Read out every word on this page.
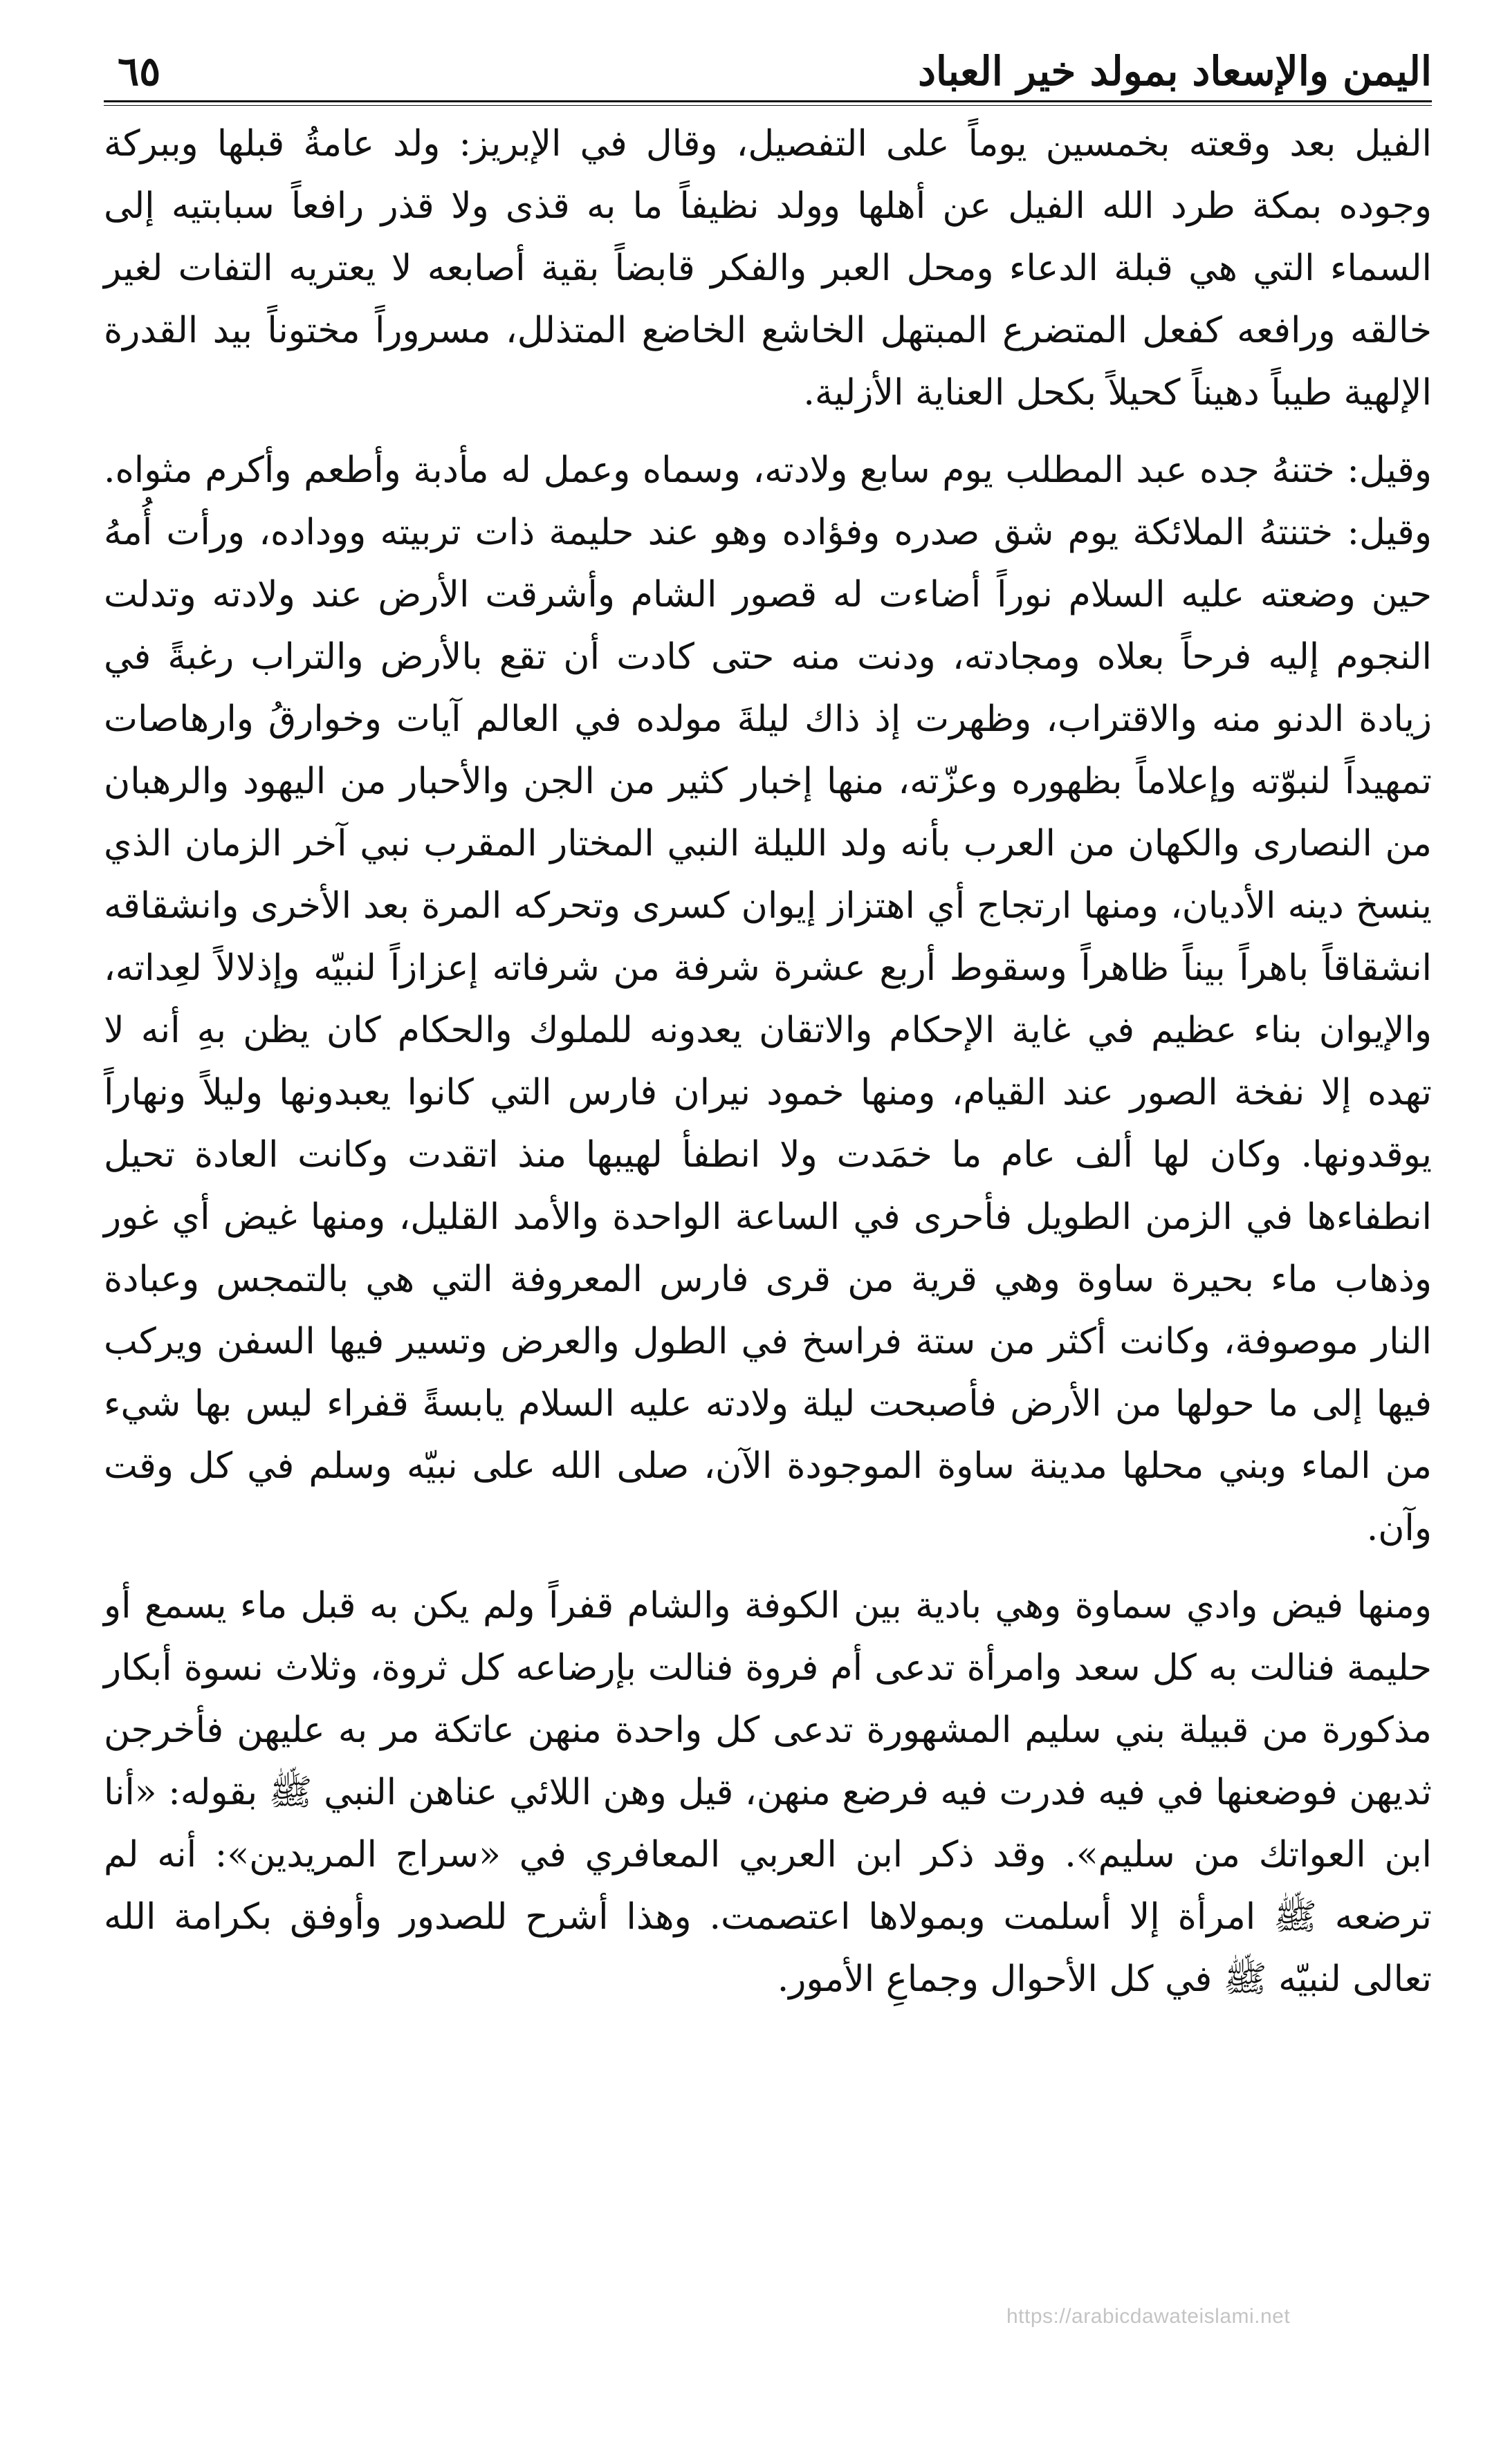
اليمن والإسعاد بمولد خير العباد
٦٥

الفيل بعد وقعته بخمسين يوماً على التفصيل، وقال في الإبريز: ولد عامةُ قبلها وببركة وجوده بمكة طرد الله الفيل عن أهلها وولد نظيفاً ما به قذى ولا قذر رافعاً سبابتيه إلى السماء التي هي قبلة الدعاء ومحل العبر والفكر قابضاً بقية أصابعه لا يعتريه التفات لغير خالقه ورافعه كفعل المتضرع المبتهل الخاشع الخاضع المتذلل، مسروراً مختوناً بيد القدرة الإلهية طيباً دهيناً كحيلاً بكحل العناية الأزلية.

وقيل: ختنهُ جده عبد المطلب يوم سابع ولادته، وسماه وعمل له مأدبة وأطعم وأكرم مثواه. وقيل: ختنتهُ الملائكة يوم شق صدره وفؤاده وهو عند حليمة ذات تربيته ووداده، ورأت أُمهُ حين وضعته عليه السلام نوراً أضاءت له قصور الشام وأشرقت الأرض عند ولادته وتدلت النجوم إليه فرحاً بعلاه ومجادته، ودنت منه حتى كادت أن تقع بالأرض والتراب رغبةً في زيادة الدنو منه والاقتراب، وظهرت إذ ذاك ليلةَ مولده في العالم آيات وخوارقُ وارهاصات تمهيداً لنبوّته وإعلاماً بظهوره وعزّته، منها إخبار كثير من الجن والأحبار من اليهود والرهبان من النصارى والكهان من العرب بأنه ولد الليلة النبي المختار المقرب نبي آخر الزمان الذي ينسخ دينه الأديان، ومنها ارتجاج أي اهتزاز إيوان كسرى وتحركه المرة بعد الأخرى وانشقاقه انشقاقاً باهراً بيناً ظاهراً وسقوط أربع عشرة شرفة من شرفاته إعزازاً لنبيّه وإذلالاً لعِداته، والإيوان بناء عظيم في غاية الإحكام والاتقان يعدونه للملوك والحكام كان يظن بهِ أنه لا تهده إلا نفخة الصور عند القيام، ومنها خمود نيران فارس التي كانوا يعبدونها وليلاً ونهاراً يوقدونها. وكان لها ألف عام ما خمَدت ولا انطفأ لهيبها منذ اتقدت وكانت العادة تحيل انطفاءها في الزمن الطويل فأحرى في الساعة الواحدة والأمد القليل، ومنها غيض أي غور وذهاب ماء بحيرة ساوة وهي قرية من قرى فارس المعروفة التي هي بالتمجس وعبادة النار موصوفة، وكانت أكثر من ستة فراسخ في الطول والعرض وتسير فيها السفن ويركب فيها إلى ما حولها من الأرض فأصبحت ليلة ولادته عليه السلام يابسةً قفراء ليس بها شيء من الماء وبني محلها مدينة ساوة الموجودة الآن، صلى الله على نبيّه وسلم في كل وقت وآن.

ومنها فيض وادي سماوة وهي بادية بين الكوفة والشام قفراً ولم يكن به قبل ماء يسمع أو حليمة فنالت به كل سعد وامرأة تدعى أم فروة فنالت بإرضاعه كل ثروة، وثلاث نسوة أبكار مذكورة من قبيلة بني سليم المشهورة تدعى كل واحدة منهن عاتكة مر به عليهن فأخرجن ثديهن فوضعنها في فيه فدرت فيه فرضع منهن، قيل وهن اللائي عناهن النبي ﷺ بقوله: «أنا ابن العواتك من سليم». وقد ذكر ابن العربي المعافري في «سراج المريدين»: أنه لم ترضعه ﷺ امرأة إلا أسلمت وبمولاها اعتصمت. وهذا أشرح للصدور وأوفق بكرامة الله تعالى لنبيّه ﷺ في كل الأحوال وجماعِ الأمور.

https://arabicdawateislami.net
